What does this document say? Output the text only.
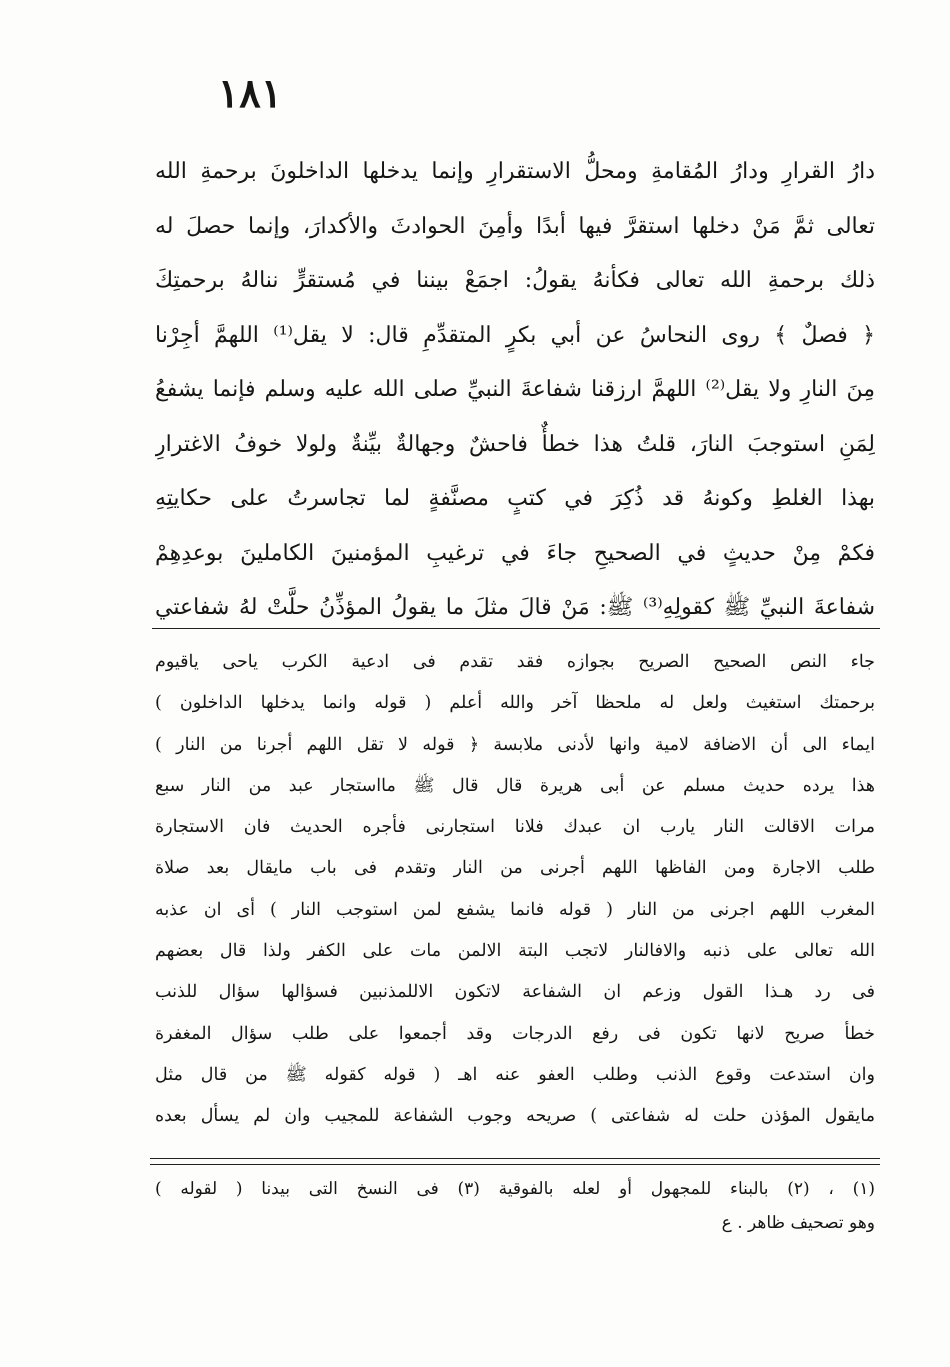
١٨١
دارُ القرارِ ودارُ المُقامةِ ومحلُّ الاستقرارِ وإنما يدخلها الداخلونَ برحمةِ الله
تعالى ثمَّ مَنْ دخلها استقرَّ فيها أبدًا وأمِنَ الحوادثَ والأكدارَ، وإنما حصلَ له
ذلك برحمةِ الله تعالى فكأنهُ يقولُ: اجمَعْ بيننا في مُستقرٍّ ننالهُ برحمتِكَ
﴿ فصلٌ ﴾ روى النحاسُ عن أبي بكرٍ المتقدِّمِ قال: لا يقل⁽¹⁾ اللهمَّ أجِرْنا
مِنَ النارِ ولا يقل⁽²⁾ اللهمَّ ارزقنا شفاعةَ النبيِّ صلى الله عليه وسلم فإنما يشفعُ
لِمَنِ استوجبَ النارَ، قلتُ هذا خطأٌ فاحشٌ وجهالةٌ بيِّنةٌ ولولا خوفُ الاغترارِ
بهذا الغلطِ وكونهُ قد ذُكِرَ في كتبٍ مصنَّفةٍ لما تجاسرتُ على حكايتِهِ
فكمْ مِنْ حديثٍ في الصحيحِ جاءَ في ترغيبِ المؤمنينَ الكاملينَ بوعدِهِمْ
شفاعةَ النبيِّ ﷺ كقولِهِ⁽³⁾ ﷺ: مَنْ قالَ مثلَ ما يقولُ المؤذِّنُ حلَّتْ لهُ شفاعتي
جاء النص الصحيح الصريح بجوازه فقد تقدم فى ادعية الكرب ياحى ياقيوم
برحمتك استغيث ولعل له ملحظا آخر والله أعلم ( قوله وانما يدخلها الداخلون )
ايماء الى أن الاضافة لامية وانها لأدنى ملابسة ﴿ قوله لا تقل اللهم أجرنا من النار )
هذا يرده حديث مسلم عن أبى هريرة قال قال ﷺ مااستجار عبد من النار سبع
مرات الاقالت النار يارب ان عبدك فلانا استجارنى فأجره الحديث فان الاستجارة
طلب الاجارة ومن الفاظها اللهم أجرنى من النار وتقدم فى باب مايقال بعد صلاة
المغرب اللهم اجرنى من النار ( قوله فانما يشفع لمن استوجب النار ) أى ان عذبه
الله تعالى على ذنبه والافالنار لاتجب البتة الالمن مات على الكفر ولذا قال بعضهم
فى رد هـذا القول وزعم ان الشفاعة لاتكون الاللمذنبين فسؤالها سؤال للذنب
خطأ صريح لانها تكون فى رفع الدرجات وقد أجمعوا على طلب سؤال المغفرة
وان استدعت وقوع الذنب وطلب العفو عنه اهـ ( قوله كقوله ﷺ من قال مثل
مايقول المؤذن حلت له شفاعتى ) صريحه وجوب الشفاعة للمجيب وان لم يسأل بعده
(١) ، (٢) بالبناء للمجهول أو لعله بالفوقية (٣) فى النسخ التى بيدنا ( لقوله )
وهو تصحيف ظاهر . ع
